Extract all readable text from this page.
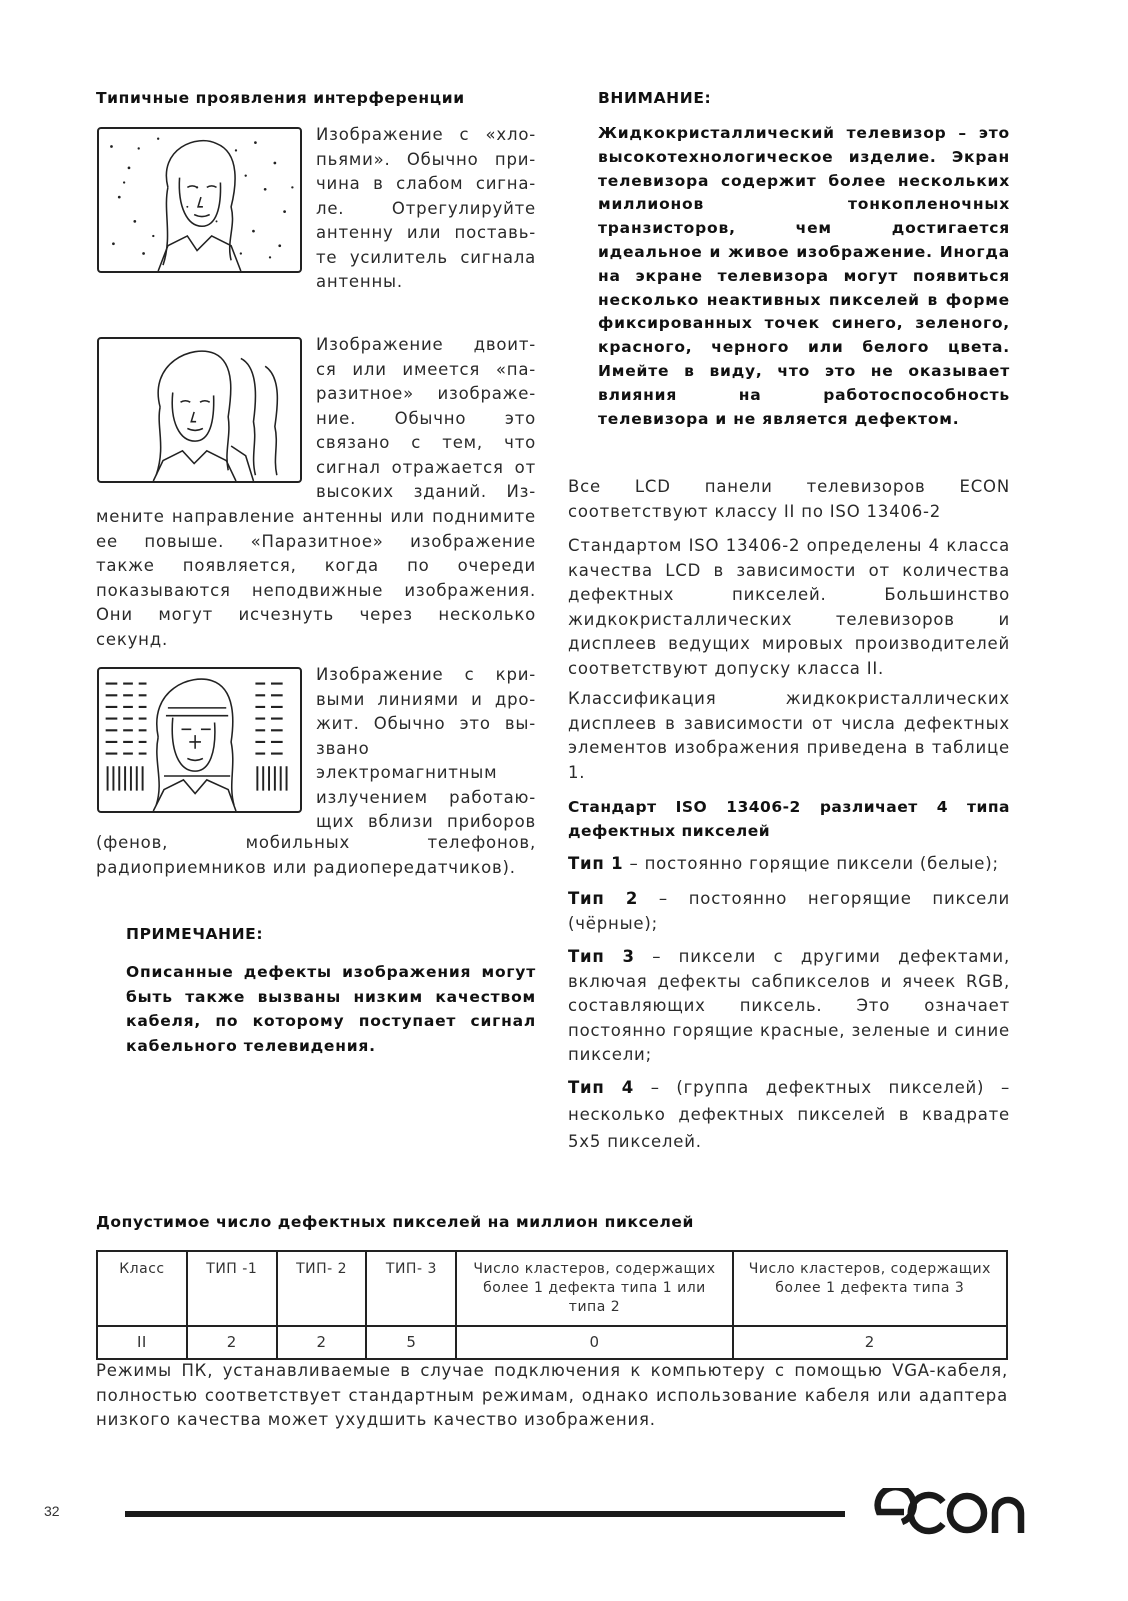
Типичные проявления интерференции

Изображение с «хло-

пьями». Обычно при-

чина в слабом сигна-

ле. Отрегулируйте

антенну или поставь-

те усилитель сигнала

антенны.

Изображение двоит-

ся или имеется «па-

разитное» изображе-

ние. Обычно это

связано с тем, что

сигнал отражается от

высоких зданий. Из-

мените направление антенны или поднимите ее повыше. «Паразитное» изображение также появляется, когда по очереди показываются неподвижные изображения. Они могут исчезнуть через несколько секунд.

Изображение с кри-

выми линиями и дро-

жит. Обычно это вы-

звано

электромагнитным

излучением работаю-

щих вблизи приборов

(фенов, мобильных телефонов, радиоприемников или радиопередатчиков).
ПРИМЕЧАНИЕ:
Описанные дефекты изображения могут быть также вызваны низким качеством кабеля, по которому поступает сигнал кабельного телевидения.
ВНИМАНИЕ:
Жидкокристаллический телевизор – это высокотехнологическое изделие. Экран телевизора содержит более нескольких миллионов тонкопленочных транзисторов, чем достигается идеальное и живое изображение. Иногда на экране телевизора могут появиться несколько неактивных пикселей в форме фиксированных точек синего, зеленого, красного, черного или белого цвета. Имейте в виду, что это не оказывает влияния на работоспособность телевизора и не является дефектом.
Все LCD панели телевизоров ECON соответствуют классу II по ISO 13406-2
Стандартом ISO 13406-2 определены 4 класса качества LCD в зависимости от количества дефектных пикселей. Большинство жидкокристаллических телевизоров и дисплеев ведущих мировых производителей соответствуют допуску класса II.
Классификация жидкокристаллических дисплеев в зависимости от числа дефектных элементов изображения приведена в таблице 1.
Стандарт ISO 13406-2 различает 4 типа дефектных пикселей
Тип 1 – постоянно горящие пиксели (белые);
Тип 2 – постоянно негорящие пиксели (чёрные);
Тип 3 – пиксели с другими дефектами, включая дефекты сабпикселов и ячеек RGB, составляющих пиксель. Это означает постоянно горящие красные, зеленые и синие пиксели;
Тип 4 – (группа дефектных пикселей) – несколько дефектных пикселей в квадрате 5х5 пикселей.
Допустимое число дефектных пикселей на миллион пикселей
Класс	ТИП -1	ТИП- 2	ТИП- 3	Число кластеров, содержащих более 1 дефекта типа 1 или типа 2	Число кластеров, содержащих более 1 дефекта типа 3
II	2	2	5	0	2
Режимы ПК, устанавливаемые в случае подключения к компьютеру с помощью VGA-кабеля, полностью соответствует стандартным режимам, однако использование кабеля или адаптера низкого качества может ухудшить качество изображения.
32
econ
